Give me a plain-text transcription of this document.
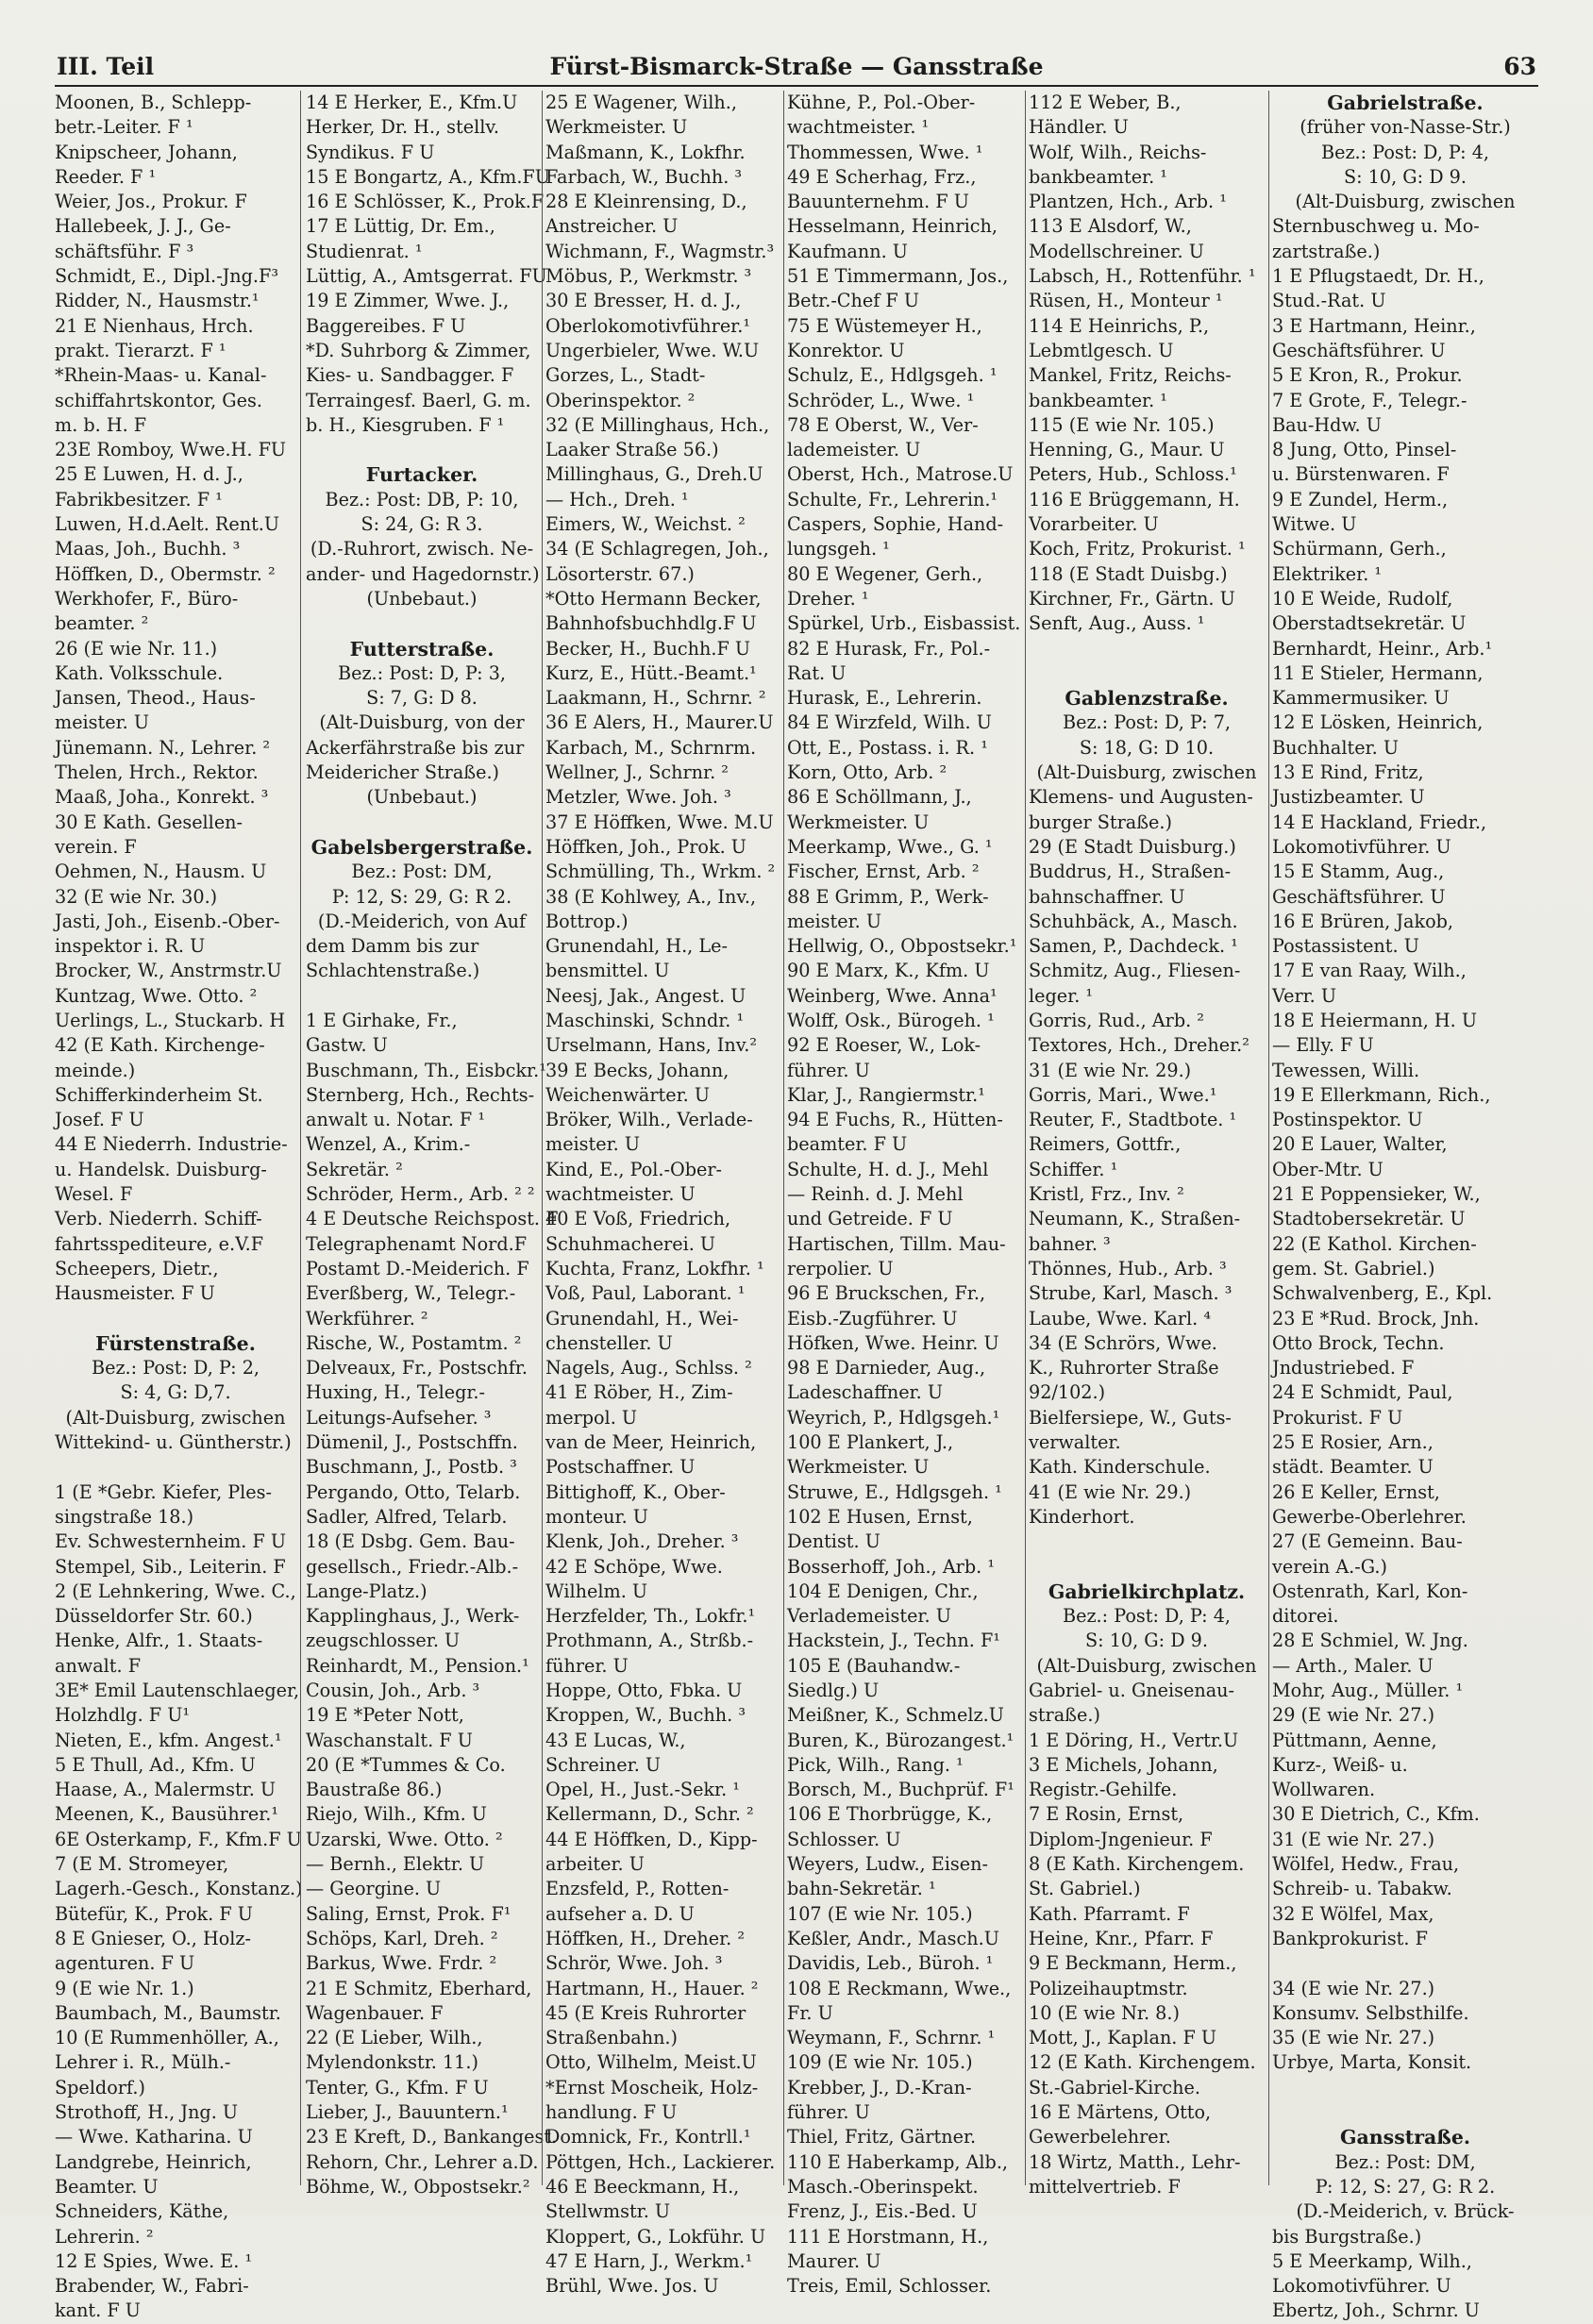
III. Teil	Fürst-Bismarck-Straße — Gansstraße	63
Moonen, B., Schlepp-
betr.-Leiter. F ¹
Knipscheer, Johann,
Reeder. F ¹
Weier, Jos., Prokur. F
Hallebeek, J. J., Ge-
schäftsführ. F ³
Schmidt, E., Dipl.-Jng.F³
Ridder, N., Hausmstr.¹
21 E Nienhaus, Hrch.
prakt. Tierarzt. F ¹
*Rhein-Maas- u. Kanal-
schiffahrtskontor, Ges.
m. b. H. F
23E Romboy, Wwe.H. FU
25 E Luwen, H. d. J.,
Fabrikbesitzer. F ¹
Luwen, H.d.Aelt. Rent.U
Maas, Joh., Buchh. ³
Höffken, D., Obermstr. ²
Werkhofer, F., Büro-
beamter. ²
26 (E wie Nr. 11.)
Kath. Volksschule.
Jansen, Theod., Haus-
meister. U
Jünemann. N., Lehrer. ²
Thelen, Hrch., Rektor.
Maaß, Joha., Konrekt. ³
30 E Kath. Gesellen-
verein. F
Oehmen, N., Hausm. U
32 (E wie Nr. 30.)
Jasti, Joh., Eisenb.-Ober-
inspektor i. R. U
Brocker, W., Anstrmstr.U
Kuntzag, Wwe. Otto. ²
Uerlings, L., Stuckarb. H
42 (E Kath. Kirchenge-
meinde.)
Schifferkinderheim St.
Josef. F U
44 E Niederrh. Industrie-
u. Handelsk. Duisburg-
Wesel. F
Verb. Niederrh. Schiff-
fahrtsspediteure, e.V.F
Scheepers, Dietr.,
Hausmeister. F U
Fürstenstraße.
Bez.: Post: D, P: 2,
S: 4, G: D,7.
(Alt-Duisburg, zwischen
Wittekind- u. Güntherstr.)
1 (E *Gebr. Kiefer, Ples-
singstraße 18.)
Ev. Schwesternheim. F U
Stempel, Sib., Leiterin. F
2 (E Lehnkering, Wwe. C.,
Düsseldorfer Str. 60.)
Henke, Alfr., 1. Staats-
anwalt. F
3E* Emil Lautenschlaeger,
Holzhdlg. F U¹
Nieten, E., kfm. Angest.¹
5 E Thull, Ad., Kfm. U
Haase, A., Malermstr. U
Meenen, K., Bausührer.¹
6E Osterkamp, F., Kfm.F U
7 (E M. Stromeyer,
Lagerh.-Gesch., Konstanz.)
Bütefür, K., Prok. F U
8 E Gnieser, O., Holz-
agenturen. F U
9 (E wie Nr. 1.)
Baumbach, M., Baumstr.
10 (E Rummenhöller, A.,
Lehrer i. R., Mülh.-
Speldorf.)
Strothoff, H., Jng. U
— Wwe. Katharina. U
Landgrebe, Heinrich,
Beamter. U
Schneiders, Käthe,
Lehrerin. ²
12 E Spies, Wwe. E. ¹
Brabender, W., Fabri-
kant. F U
14 E Herker, E., Kfm.U
Herker, Dr. H., stellv.
Syndikus. F U
15 E Bongartz, A., Kfm.FU
16 E Schlösser, K., Prok.F
17 E Lüttig, Dr. Em.,
Studienrat. ¹
Lüttig, A., Amtsgerrat. FU
19 E Zimmer, Wwe. J.,
Baggereibes. F U
*D. Suhrborg & Zimmer,
Kies- u. Sandbagger. F
Terraingesf. Baerl, G. m.
b. H., Kiesgruben. F ¹
Furtacker.
Bez.: Post: DB, P: 10,
S: 24, G: R 3.
(D.-Ruhrort, zwisch. Ne-
ander- und Hagedornstr.)
(Unbebaut.)
Futterstraße.
Bez.: Post: D, P: 3,
S: 7, G: D 8.
(Alt-Duisburg, von der
Ackerfährstraße bis zur
Meidericher Straße.)
(Unbebaut.)
Gabelsbergerstraße.
Bez.: Post: DM,
P: 12, S: 29, G: R 2.
(D.-Meiderich, von Auf
dem Damm bis zur
Schlachtenstraße.)
1 E Girhake, Fr.,
Gastw. U
Buschmann, Th., Eisbckr.¹
Sternberg, Hch., Rechts-
anwalt u. Notar. F ¹
Wenzel, A., Krim.-
Sekretär. ²
Schröder, Herm., Arb. ² ²
4 E Deutsche Reichspost. F
Telegraphenamt Nord.F
Postamt D.-Meiderich. F
Everßberg, W., Telegr.-
Werkführer. ²
Rische, W., Postamtm. ²
Delveaux, Fr., Postschfr.
Huxing, H., Telegr.-
Leitungs-Aufseher. ³
Dümenil, J., Postschffn.
Buschmann, J., Postb. ³
Pergando, Otto, Telarb.
Sadler, Alfred, Telarb.
18 (E Dsbg. Gem. Bau-
gesellsch., Friedr.-Alb.-
Lange-Platz.)
Kapplinghaus, J., Werk-
zeugschlosser. U
Reinhardt, M., Pension.¹
Cousin, Joh., Arb. ³
19 E *Peter Nott,
Waschanstalt. F U
20 (E *Tummes & Co.
Baustraße 86.)
Riejo, Wilh., Kfm. U
Uzarski, Wwe. Otto. ²
— Bernh., Elektr. U
— Georgine. U
Saling, Ernst, Prok. F¹
Schöps, Karl, Dreh. ²
Barkus, Wwe. Frdr. ²
21 E Schmitz, Eberhard,
Wagenbauer. F
22 (E Lieber, Wilh.,
Mylendonkstr. 11.)
Tenter, G., Kfm. F U
Lieber, J., Bauuntern.¹
23 E Kreft, D., Bankangest.
Rehorn, Chr., Lehrer a.D.
Böhme, W., Obpostsekr.²
25 E Wagener, Wilh.,
Werkmeister. U
Maßmann, K., Lokfhr.
Farbach, W., Buchh. ³
28 E Kleinrensing, D.,
Anstreicher. U
Wichmann, F., Wagmstr.³
Möbus, P., Werkmstr. ³
30 E Bresser, H. d. J.,
Oberlokomotivführer.¹
Ungerbieler, Wwe. W.U
Gorzes, L., Stadt-
Oberinspektor. ²
32 (E Millinghaus, Hch.,
Laaker Straße 56.)
Millinghaus, G., Dreh.U
— Hch., Dreh. ¹
Eimers, W., Weichst. ²
34 (E Schlagregen, Joh.,
Lösorterstr. 67.)
*Otto Hermann Becker,
Bahnhofsbuchhdlg.F U
Becker, H., Buchh.F U
Kurz, E., Hütt.-Beamt.¹
Laakmann, H., Schrnr. ²
36 E Alers, H., Maurer.U
Karbach, M., Schrnrm.
Wellner, J., Schrnr. ²
Metzler, Wwe. Joh. ³
37 E Höffken, Wwe. M.U
Höffken, Joh., Prok. U
Schmülling, Th., Wrkm. ²
38 (E Kohlwey, A., Inv.,
Bottrop.)
Grunendahl, H., Le-
bensmittel. U
Neesj, Jak., Angest. U
Maschinski, Schndr. ¹
Urselmann, Hans, Inv.²
39 E Becks, Johann,
Weichenwärter. U
Bröker, Wilh., Verlade-
meister. U
Kind, E., Pol.-Ober-
wachtmeister. U
40 E Voß, Friedrich,
Schuhmacherei. U
Kuchta, Franz, Lokfhr. ¹
Voß, Paul, Laborant. ¹
Grunendahl, H., Wei-
chensteller. U
Nagels, Aug., Schlss. ²
41 E Röber, H., Zim-
merpol. U
van de Meer, Heinrich,
Postschaffner. U
Bittighoff, K., Ober-
monteur. U
Klenk, Joh., Dreher. ³
42 E Schöpe, Wwe.
Wilhelm. U
Herzfelder, Th., Lokfr.¹
Prothmann, A., Strßb.-
führer. U
Hoppe, Otto, Fbka. U
Kroppen, W., Buchh. ³
43 E Lucas, W.,
Schreiner. U
Opel, H., Just.-Sekr. ¹
Kellermann, D., Schr. ²
44 E Höffken, D., Kipp-
arbeiter. U
Enzsfeld, P., Rotten-
aufseher a. D. U
Höffken, H., Dreher. ²
Schrör, Wwe. Joh. ³
Hartmann, H., Hauer. ²
45 (E Kreis Ruhrorter
Straßenbahn.)
Otto, Wilhelm, Meist.U
*Ernst Moscheik, Holz-
handlung. F U
Domnick, Fr., Kontrll.¹
Pöttgen, Hch., Lackierer.
46 E Beeckmann, H.,
Stellwmstr. U
Kloppert, G., Lokführ. U
47 E Harn, J., Werkm.¹
Brühl, Wwe. Jos. U
Kühne, P., Pol.-Ober-
wachtmeister. ¹
Thommessen, Wwe. ¹
49 E Scherhag, Frz.,
Bauunternehm. F U
Hesselmann, Heinrich,
Kaufmann. U
51 E Timmermann, Jos.,
Betr.-Chef F U
75 E Wüstemeyer H.,
Konrektor. U
Schulz, E., Hdlgsgeh. ¹
Schröder, L., Wwe. ¹
78 E Oberst, W., Ver-
lademeister. U
Oberst, Hch., Matrose.U
Schulte, Fr., Lehrerin.¹
Caspers, Sophie, Hand-
lungsgeh. ¹
80 E Wegener, Gerh.,
Dreher. ¹
Spürkel, Urb., Eisbassist.
82 E Hurask, Fr., Pol.-
Rat. U
Hurask, E., Lehrerin.
84 E Wirzfeld, Wilh. U
Ott, E., Postass. i. R. ¹
Korn, Otto, Arb. ²
86 E Schöllmann, J.,
Werkmeister. U
Meerkamp, Wwe., G. ¹
Fischer, Ernst, Arb. ²
88 E Grimm, P., Werk-
meister. U
Hellwig, O., Obpostsekr.¹
90 E Marx, K., Kfm. U
Weinberg, Wwe. Anna¹
Wolff, Osk., Bürogeh. ¹
92 E Roeser, W., Lok-
führer. U
Klar, J., Rangiermstr.¹
94 E Fuchs, R., Hütten-
beamter. F U
Schulte, H. d. J., Mehl
— Reinh. d. J. Mehl
und Getreide. F U
Hartischen, Tillm. Mau-
rerpolier. U
96 E Bruckschen, Fr.,
Eisb.-Zugführer. U
Höfken, Wwe. Heinr. U
98 E Darnieder, Aug.,
Ladeschaffner. U
Weyrich, P., Hdlgsgeh.¹
100 E Plankert, J.,
Werkmeister. U
Struwe, E., Hdlgsgeh. ¹
102 E Husen, Ernst,
Dentist. U
Bosserhoff, Joh., Arb. ¹
104 E Denigen, Chr.,
Verlademeister. U
Hackstein, J., Techn. F¹
105 E (Bauhandw.-
Siedlg.) U
Meißner, K., Schmelz.U
Buren, K., Bürozangest.¹
Pick, Wilh., Rang. ¹
Borsch, M., Buchprüf. F¹
106 E Thorbrügge, K.,
Schlosser. U
Weyers, Ludw., Eisen-
bahn-Sekretär. ¹
107 (E wie Nr. 105.)
Keßler, Andr., Masch.U
Davidis, Leb., Büroh. ¹
108 E Reckmann, Wwe.,
Fr. U
Weymann, F., Schrnr. ¹
109 (E wie Nr. 105.)
Krebber, J., D.-Kran-
führer. U
Thiel, Fritz, Gärtner.
110 E Haberkamp, Alb.,
Masch.-Oberinspekt.
Frenz, J., Eis.-Bed. U
111 E Horstmann, H.,
Maurer. U
Treis, Emil, Schlosser.
112 E Weber, B.,
Händler. U
Wolf, Wilh., Reichs-
bankbeamter. ¹
Plantzen, Hch., Arb. ¹
113 E Alsdorf, W.,
Modellschreiner. U
Labsch, H., Rottenführ. ¹
Rüsen, H., Monteur ¹
114 E Heinrichs, P.,
Lebmtlgesch. U
Mankel, Fritz, Reichs-
bankbeamter. ¹
115 (E wie Nr. 105.)
Henning, G., Maur. U
Peters, Hub., Schloss.¹
116 E Brüggemann, H.
Vorarbeiter. U
Koch, Fritz, Prokurist. ¹
118 (E Stadt Duisbg.)
Kirchner, Fr., Gärtn. U
Senft, Aug., Auss. ¹
Gablenzstraße.
Bez.: Post: D, P: 7,
S: 18, G: D 10.
(Alt-Duisburg, zwischen
Klemens- und Augusten-
burger Straße.)
29 (E Stadt Duisburg.)
Buddrus, H., Straßen-
bahnschaffner. U
Schuhbäck, A., Masch.
Samen, P., Dachdeck. ¹
Schmitz, Aug., Fliesen-
leger. ¹
Gorris, Rud., Arb. ²
Textores, Hch., Dreher.²
31 (E wie Nr. 29.)
Gorris, Mari., Wwe.¹
Reuter, F., Stadtbote. ¹
Reimers, Gottfr.,
Schiffer. ¹
Kristl, Frz., Inv. ²
Neumann, K., Straßen-
bahner. ³
Thönnes, Hub., Arb. ³
Strube, Karl, Masch. ³
Laube, Wwe. Karl. ⁴
34 (E Schrörs, Wwe.
K., Ruhrorter Straße
92/102.)
Bielfersiepe, W., Guts-
verwalter.
Kath. Kinderschule.
41 (E wie Nr. 29.)
Kinderhort.
Gabrielkirchplatz.
Bez.: Post: D, P: 4,
S: 10, G: D 9.
(Alt-Duisburg, zwischen
Gabriel- u. Gneisenau-
straße.)
1 E Döring, H., Vertr.U
3 E Michels, Johann,
Registr.-Gehilfe.
7 E Rosin, Ernst,
Diplom-Jngenieur. F
8 (E Kath. Kirchengem.
St. Gabriel.)
Kath. Pfarramt. F
Heine, Knr., Pfarr. F
9 E Beckmann, Herm.,
Polizeihauptmstr.
10 (E wie Nr. 8.)
Mott, J., Kaplan. F U
12 (E Kath. Kirchengem.
St.-Gabriel-Kirche.
16 E Märtens, Otto,
Gewerbelehrer.
18 Wirtz, Matth., Lehr-
mittelvertrieb. F
Gabrielstraße.
(früher von-Nasse-Str.)
Bez.: Post: D, P: 4,
S: 10, G: D 9.
(Alt-Duisburg, zwischen
Sternbuschweg u. Mo-
zartstraße.)
1 E Pflugstaedt, Dr. H.,
Stud.-Rat. U
3 E Hartmann, Heinr.,
Geschäftsführer. U
5 E Kron, R., Prokur.
7 E Grote, F., Telegr.-
Bau-Hdw. U
8 Jung, Otto, Pinsel-
u. Bürstenwaren. F
9 E Zundel, Herm.,
Witwe. U
Schürmann, Gerh.,
Elektriker. ¹
10 E Weide, Rudolf,
Oberstadtsekretär. U
Bernhardt, Heinr., Arb.¹
11 E Stieler, Hermann,
Kammermusiker. U
12 E Lösken, Heinrich,
Buchhalter. U
13 E Rind, Fritz,
Justizbeamter. U
14 E Hackland, Friedr.,
Lokomotivführer. U
15 E Stamm, Aug.,
Geschäftsführer. U
16 E Brüren, Jakob,
Postassistent. U
17 E van Raay, Wilh.,
Verr. U
18 E Heiermann, H. U
— Elly. F U
Tewessen, Willi.
19 E Ellerkmann, Rich.,
Postinspektor. U
20 E Lauer, Walter,
Ober-Mtr. U
21 E Poppensieker, W.,
Stadtobersekretär. U
22 (E Kathol. Kirchen-
gem. St. Gabriel.)
Schwalvenberg, E., Kpl.
23 E *Rud. Brock, Jnh.
Otto Brock, Techn.
Jndustriebed. F
24 E Schmidt, Paul,
Prokurist. F U
25 E Rosier, Arn.,
städt. Beamter. U
26 E Keller, Ernst,
Gewerbe-Oberlehrer.
27 (E Gemeinn. Bau-
verein A.-G.)
Ostenrath, Karl, Kon-
ditorei.
28 E Schmiel, W. Jng.
— Arth., Maler. U
Mohr, Aug., Müller. ¹
29 (E wie Nr. 27.)
Püttmann, Aenne,
Kurz-, Weiß- u.
Wollwaren.
30 E Dietrich, C., Kfm.
31 (E wie Nr. 27.)
Wölfel, Hedw., Frau,
Schreib- u. Tabakw.
32 E Wölfel, Max,
Bankprokurist. F
34 (E wie Nr. 27.)
Konsumv. Selbsthilfe.
35 (E wie Nr. 27.)
Urbye, Marta, Konsit.
Gansstraße.
Bez.: Post: DM,
P: 12, S: 27, G: R 2.
(D.-Meiderich, v. Brück-
bis Burgstraße.)
5 E Meerkamp, Wilh.,
Lokomotivführer. U
Ebertz, Joh., Schrnr. U
